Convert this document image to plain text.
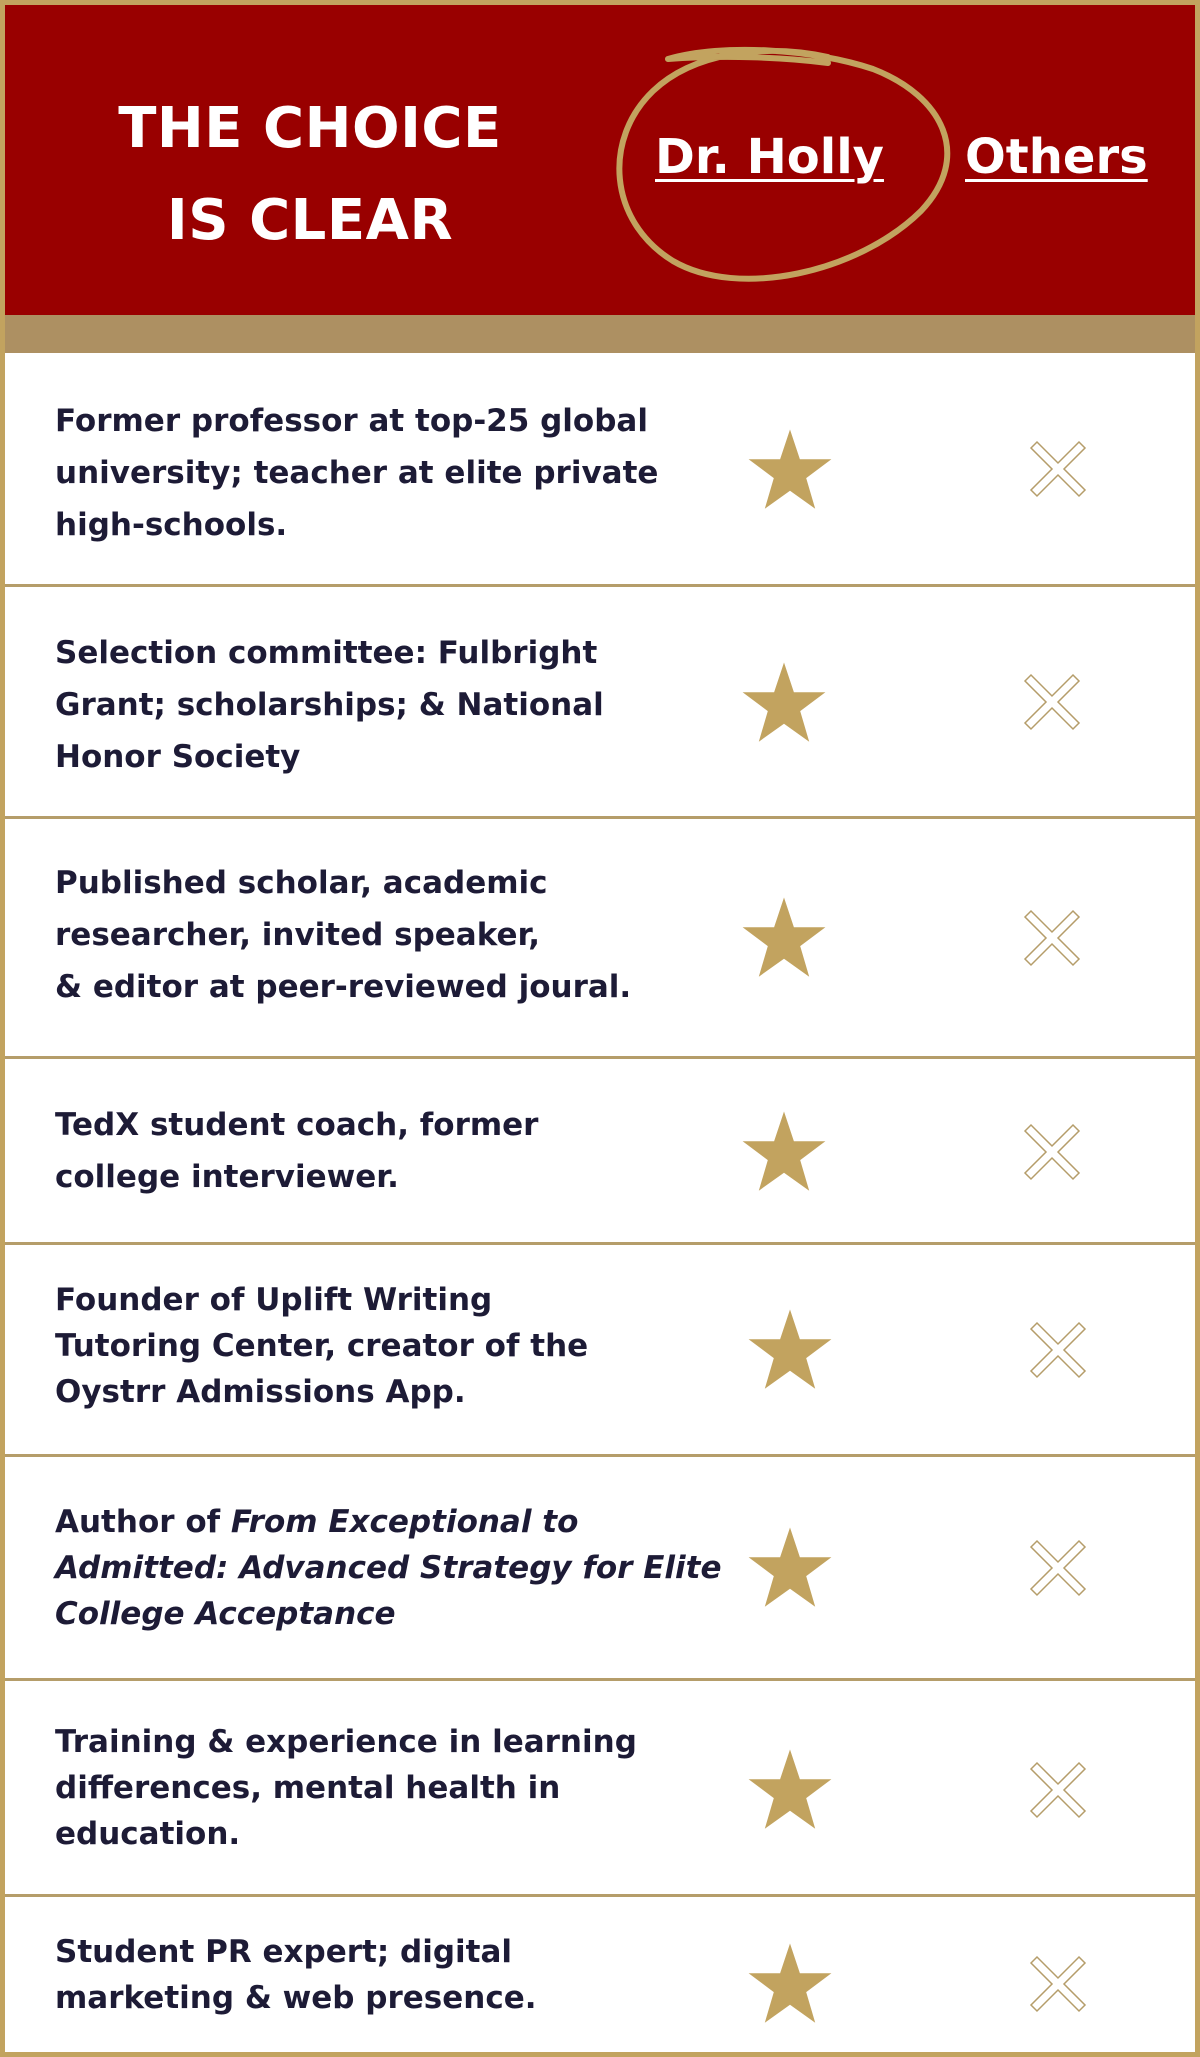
THE CHOICE
IS CLEAR
Dr. Holly Others
Former professor at top-25 global
university; teacher at elite private
high-schools.
Selection committee: Fulbright
Grant; scholarships; & National
Honor Society
Published scholar, academic
researcher, invited speaker,
& editor at peer-reviewed joural.
TedX student coach, former
college interviewer.
Founder of Uplift Writing
Tutoring Center, creator of the
Oystrr Admissions App.
Author of From Exceptional to
Admitted: Advanced Strategy for Elite
College Acceptance
Training & experience in learning
differences, mental health in
education.
Student PR expert; digital
marketing & web presence.
